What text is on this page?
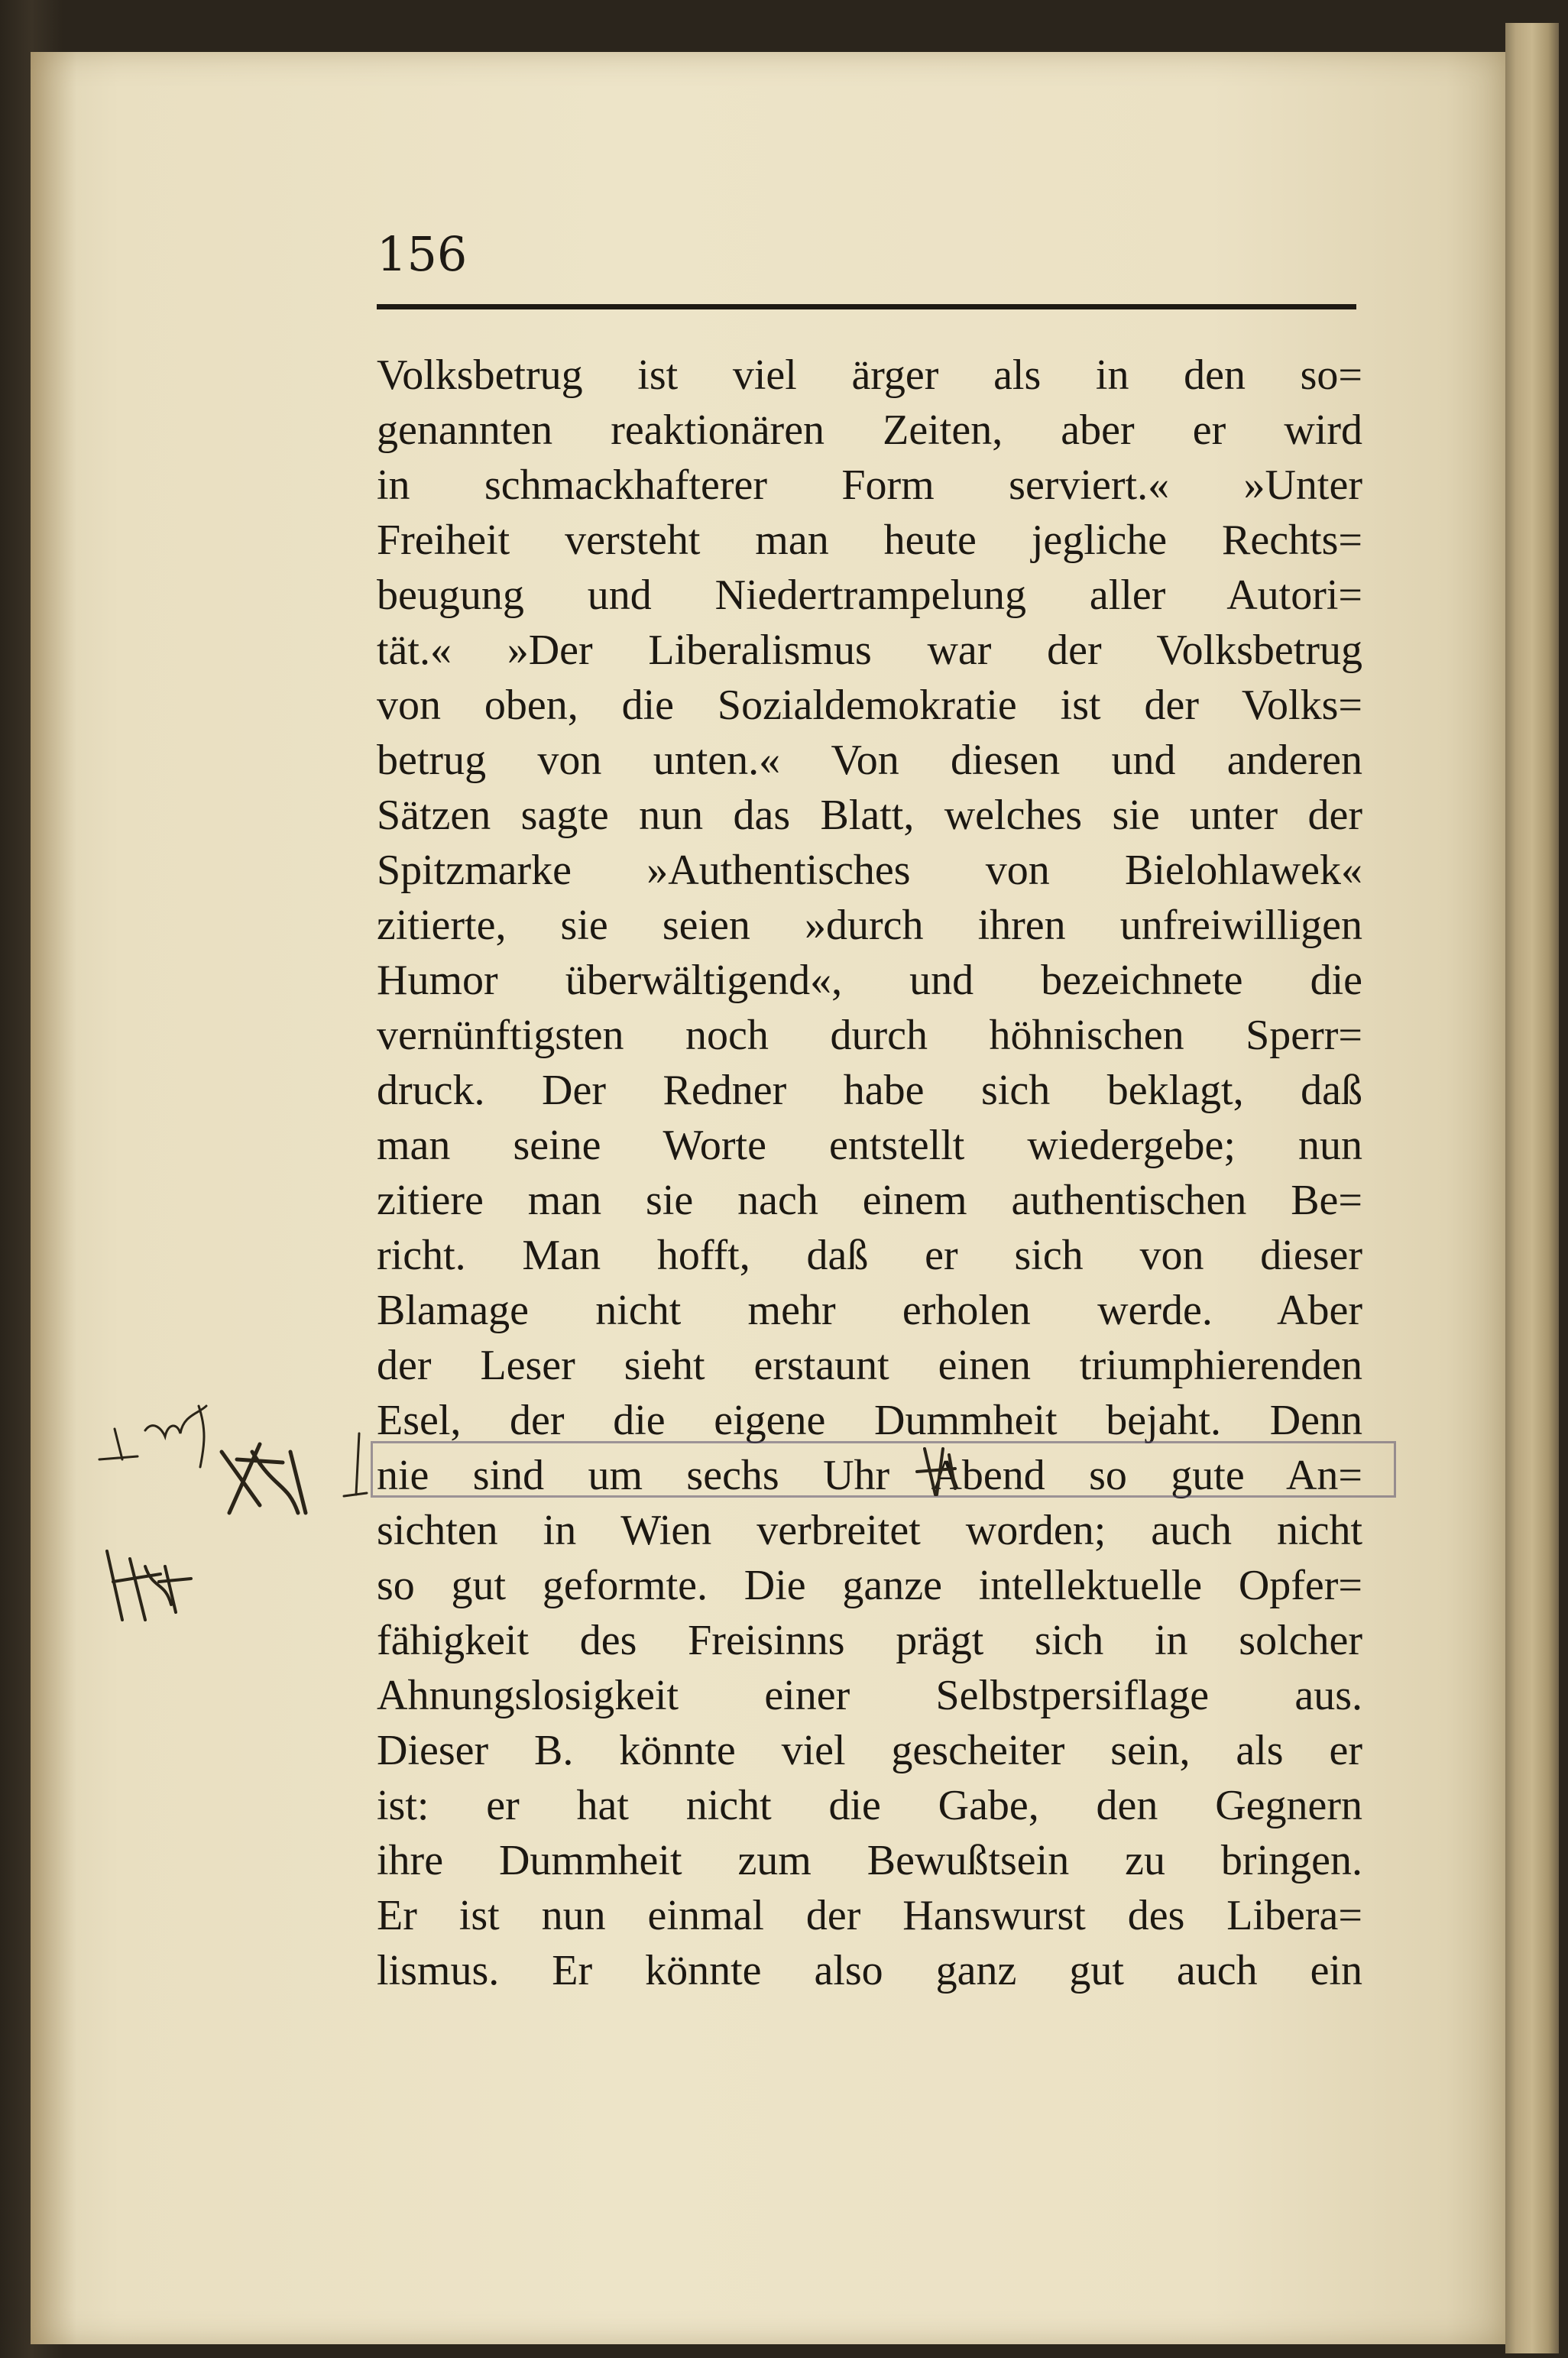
156

Volksbetrug ist viel ärger als in den so=
genannten reaktionären Zeiten, aber er wird
in schmackhafterer Form serviert.« »Unter
Freiheit versteht man heute jegliche Rechts=
beugung und Niedertrampelung aller Autori=
tät.« »Der Liberalismus war der Volksbetrug
von oben, die Sozialdemokratie ist der Volks=
betrug von unten.« Von diesen und anderen
Sätzen sagte nun das Blatt, welches sie unter der
Spitzmarke »Authentisches von Bielohlawek«
zitierte, sie seien »durch ihren unfreiwilligen
Humor überwältigend«, und bezeichnete die
vernünftigsten noch durch höhnischen Sperr=
druck. Der Redner habe sich beklagt, daß
man seine Worte entstellt wiedergebe; nun
zitiere man sie nach einem authentischen Be=
richt. Man hofft, daß er sich von dieser
Blamage nicht mehr erholen werde. Aber
der Leser sieht erstaunt einen triumphierenden
Esel, der die eigene Dummheit bejaht. Denn
nie sind um sechs Uhr Abend so gute An=
sichten in Wien verbreitet worden; auch nicht
so gut geformte. Die ganze intellektuelle Opfer=
fähigkeit des Freisinns prägt sich in solcher
Ahnungslosigkeit einer Selbstpersiflage aus.
Dieser B. könnte viel gescheiter sein, als er
ist: er hat nicht die Gabe, den Gegnern
ihre Dummheit zum Bewußtsein zu bringen.
Er ist nun einmal der Hanswurst des Libera=
lismus. Er könnte also ganz gut auch ein
